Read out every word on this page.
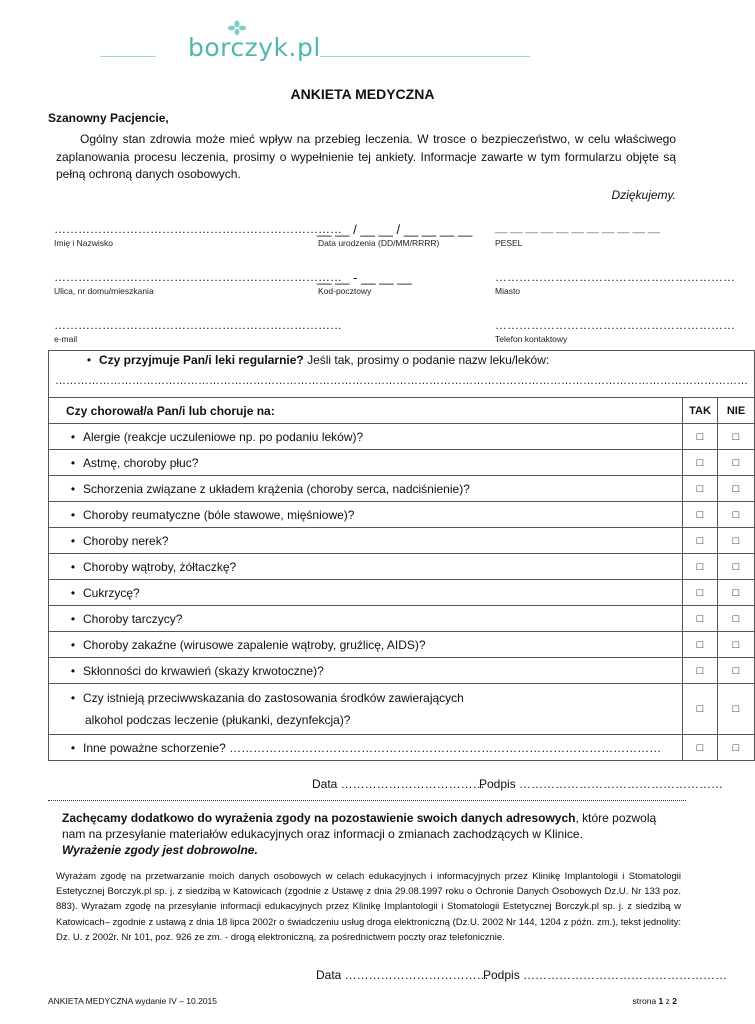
borczyk.pl
ANKIETA MEDYCZNA
Szanowny Pacjencie,
Ogólny stan zdrowia może mieć wpływ na przebieg leczenia. W trosce o bezpieczeństwo, w celu właściwego zaplanowania procesu leczenia, prosimy o wypełnienie tej ankiety. Informacje zawarte w tym formularzu objęte są pełną ochroną danych osobowych.
Dziękujemy.
………………………………………………………………
Imię i Nazwisko
__ __ / __ __ / __ __ __ __
Data urodzenia (DD/MM/RRRR)
__ __ __ __ __ __ __ __ __ __ __
PESEL
………………………………………………………………
Ulica, nr domu/mieszkania
__ __ - __ __ __
Kod-pocztowy
……………………………………………………
Miasto
………………………………………………………………
e-mail
……………………………………………………
Telefon kontaktowy
• Czy przyjmuje Pan/i leki regularnie? Jeśli tak, prosimy o podanie nazw leku/leków:
………………………………………………………………………………………………………………………………………………………………………		

Czy chorował/a Pan/i lub choruje na:	TAK	NIE
• Alergie (reakcje uczuleniowe np. po podaniu leków)?	□	□
• Astmę, choroby płuc?	□	□
• Schorzenia związane z układem krążenia (choroby serca, nadciśnienie)?	□	□
• Choroby reumatyczne (bóle stawowe, mięśniowe)?	□	□
• Choroby nerek?	□	□
• Choroby wątroby, żółtaczkę?	□	□
• Cukrzycę?	□	□
• Choroby tarczycy?	□	□
• Choroby zakaźne (wirusowe zapalenie wątroby, gruźlicę, AIDS)?	□	□
• Skłonności do krwawień (skazy krwotoczne)?	□	□

• Czy istnieją przeciwwskazania do zastosowania środków zawierających
alkohol podczas leczenie (płukanki, dezynfekcja)?	□	□
• Inne poważne schorzenie? ………………………………………………………………………………………………	□	□
Data ………………………………
Podpis ……………………………………………
Zachęcamy dodatkowo do wyrażenia zgody na pozostawienie swoich danych adresowych, które pozwolą nam na przesyłanie materiałów edukacyjnych oraz informacji o zmianach zachodzących w Klinice.
Wyrażenie zgody jest dobrowolne.
Wyrażam zgodę na przetwarzanie moich danych osobowych w celach edukacyjnych i informacyjnych przez Klinikę Implantologii i Stomatologii Estetycznej Borczyk.pl sp. j. z siedzibą w Katowicach (zgodnie z Ustawę z dnia 29.08.1997 roku o Ochronie Danych Osobowych Dz.U. Nr 133 poz. 883). Wyrażam zgodę na przesyłanie informacji edukacyjnych przez Klinikę Implantologii i Stomatologii Estetycznej Borczyk.pl sp. j. z siedzibą w Katowicach– zgodnie z ustawą z dnia 18 lipca 2002r o świadczeniu usług droga elektroniczną (Dz.U. 2002 Nr 144, 1204 z późn. zm.), tekst jednolity: Dz. U. z 2002r. Nr 101, poz. 926 ze zm. - drogą elektroniczną, za pośrednictwem poczty oraz telefonicznie.
Data ………………………………
Podpis ……………………………………………
ANKIETA MEDYCZNA wydanie IV – 10.2015	strona 1 z 2
